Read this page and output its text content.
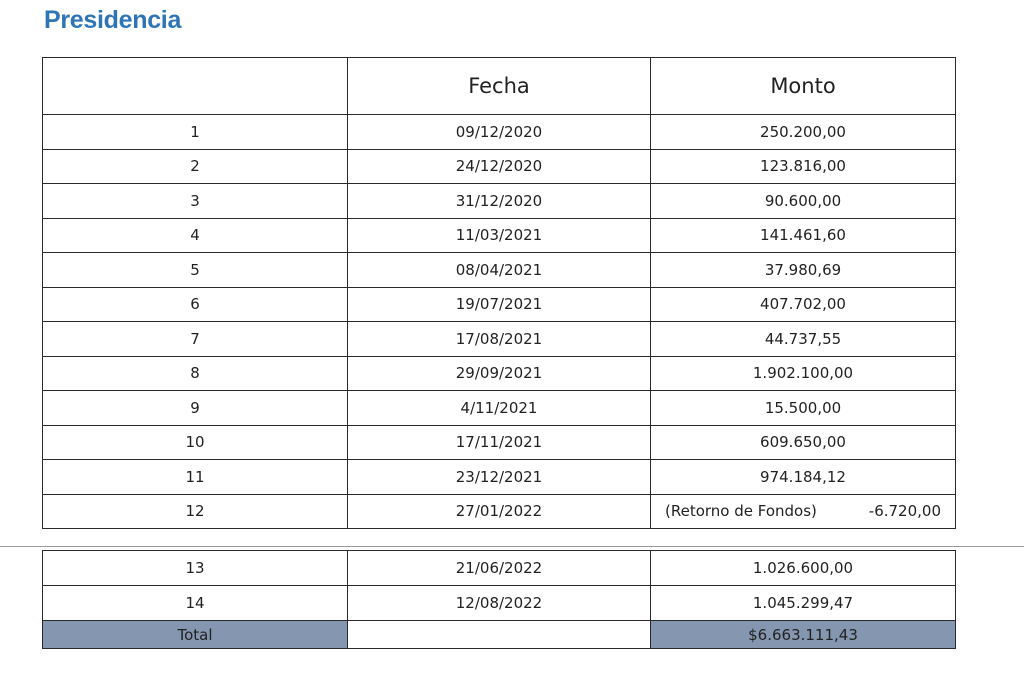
Presidencia
	Fecha	Monto
1	09/12/2020	250.200,00
2	24/12/2020	123.816,00
3	31/12/2020	90.600,00
4	11/03/2021	141.461,60
5	08/04/2021	37.980,69
6	19/07/2021	407.702,00
7	17/08/2021	44.737,55
8	29/09/2021	1.902.100,00
9	4/11/2021	15.500,00
10	17/11/2021	609.650,00
11	23/12/2021	974.184,12
12	27/01/2022	(Retorno de Fondos) -6.720,00
13	21/06/2022	1.026.600,00
14	12/08/2022	1.045.299,47
Total		$6.663.111,43
